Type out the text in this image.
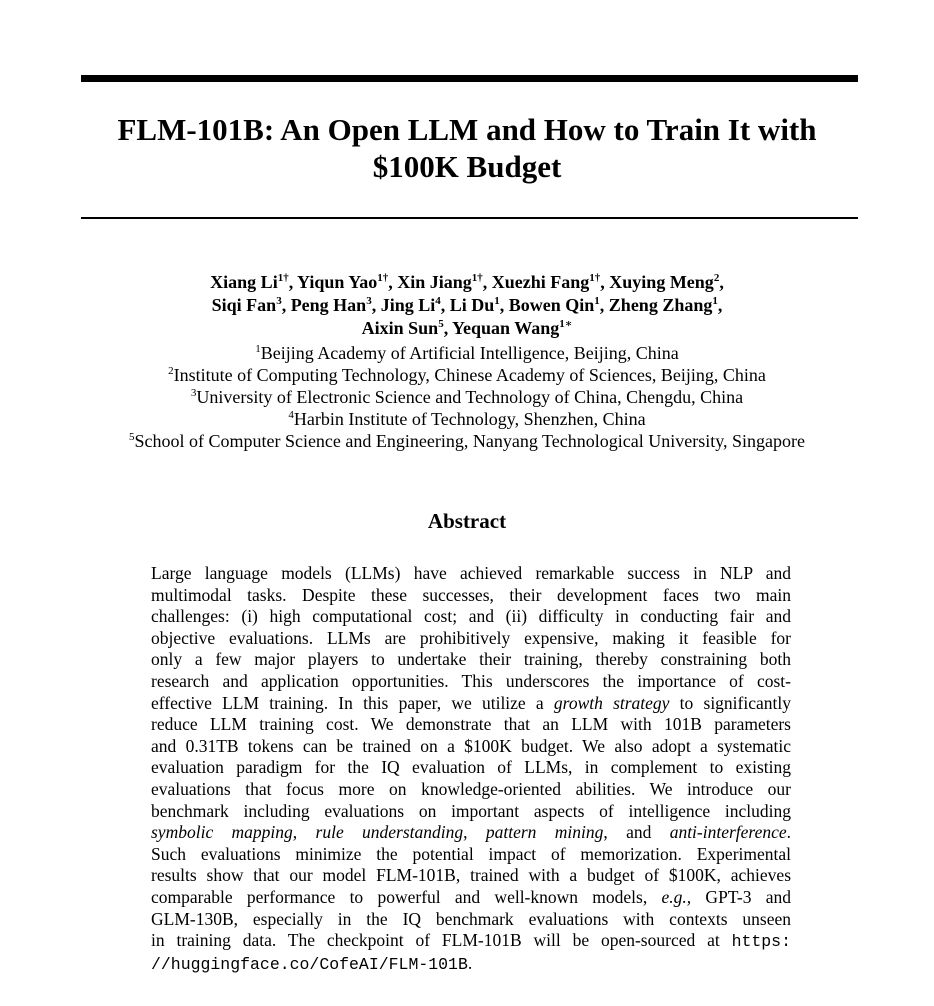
FLM-101B: An Open LLM and How to Train It with
$100K Budget
Xiang $Li^{1\dagger}$, Yiqun Yao$^{1\dagger}$, Xin Jiang$^{1\dagger}$, Xuezhi Fang$^{1\dagger}$, Xuying Meng$^2$,
Siqi Fan$^3$, Peng Han$^3$, Jing Li$^4$, Li Du$^1$, Bowen Qin$^1$, Zheng Zhang$^1$,
Aixin Sun$^5$, Yequan Wang$^{1∗}$
$^1$Beijing Academy of Artificial Intelligence, Beijing, China
$^2$Institute of Computing Technology, Chinese Academy of Sciences, Beijing, China
$^3$University of Electronic Science and Technology of China, Chengdu, China
$^4$Harbin Institute of Technology, Shenzhen, China
$^5$School of Computer Science and Engineering, Nanyang Technological University, Singapore
Abstract
Large language models (LLMs) have achieved remarkable success in NLP and
multimodal tasks. Despite these successes, their development faces two main
challenges: (i) high computational cost; and (ii) difficulty in conducting fair and
objective evaluations. LLMs are prohibitively expensive, making it feasible for
only a few major players to undertake their training, thereby constraining both
research and application opportunities. This underscores the importance of cost-
effective LLM training. In this paper, we utilize a growth strategy to significantly
reduce LLM training cost. We demonstrate that an LLM with 101B parameters
and 0.31TB tokens can be trained on a $100K budget. We also adopt a systematic
evaluation paradigm for the IQ evaluation of LLMs, in complement to existing
evaluations that focus more on knowledge-oriented abilities. We introduce our
benchmark including evaluations on important aspects of intelligence including
symbolic mapping, rule understanding, pattern mining, and anti-interference.
Such evaluations minimize the potential impact of memorization. Experimental
results show that our model FLM-101B, trained with a budget of $100K, achieves
comparable performance to powerful and well-known models, e.g., GPT-3 and
GLM-130B, especially in the IQ benchmark evaluations with contexts unseen
in training data. The checkpoint of FLM-101B will be open-sourced at https:
//huggingface.co/CofeAI/FLM-101B.
